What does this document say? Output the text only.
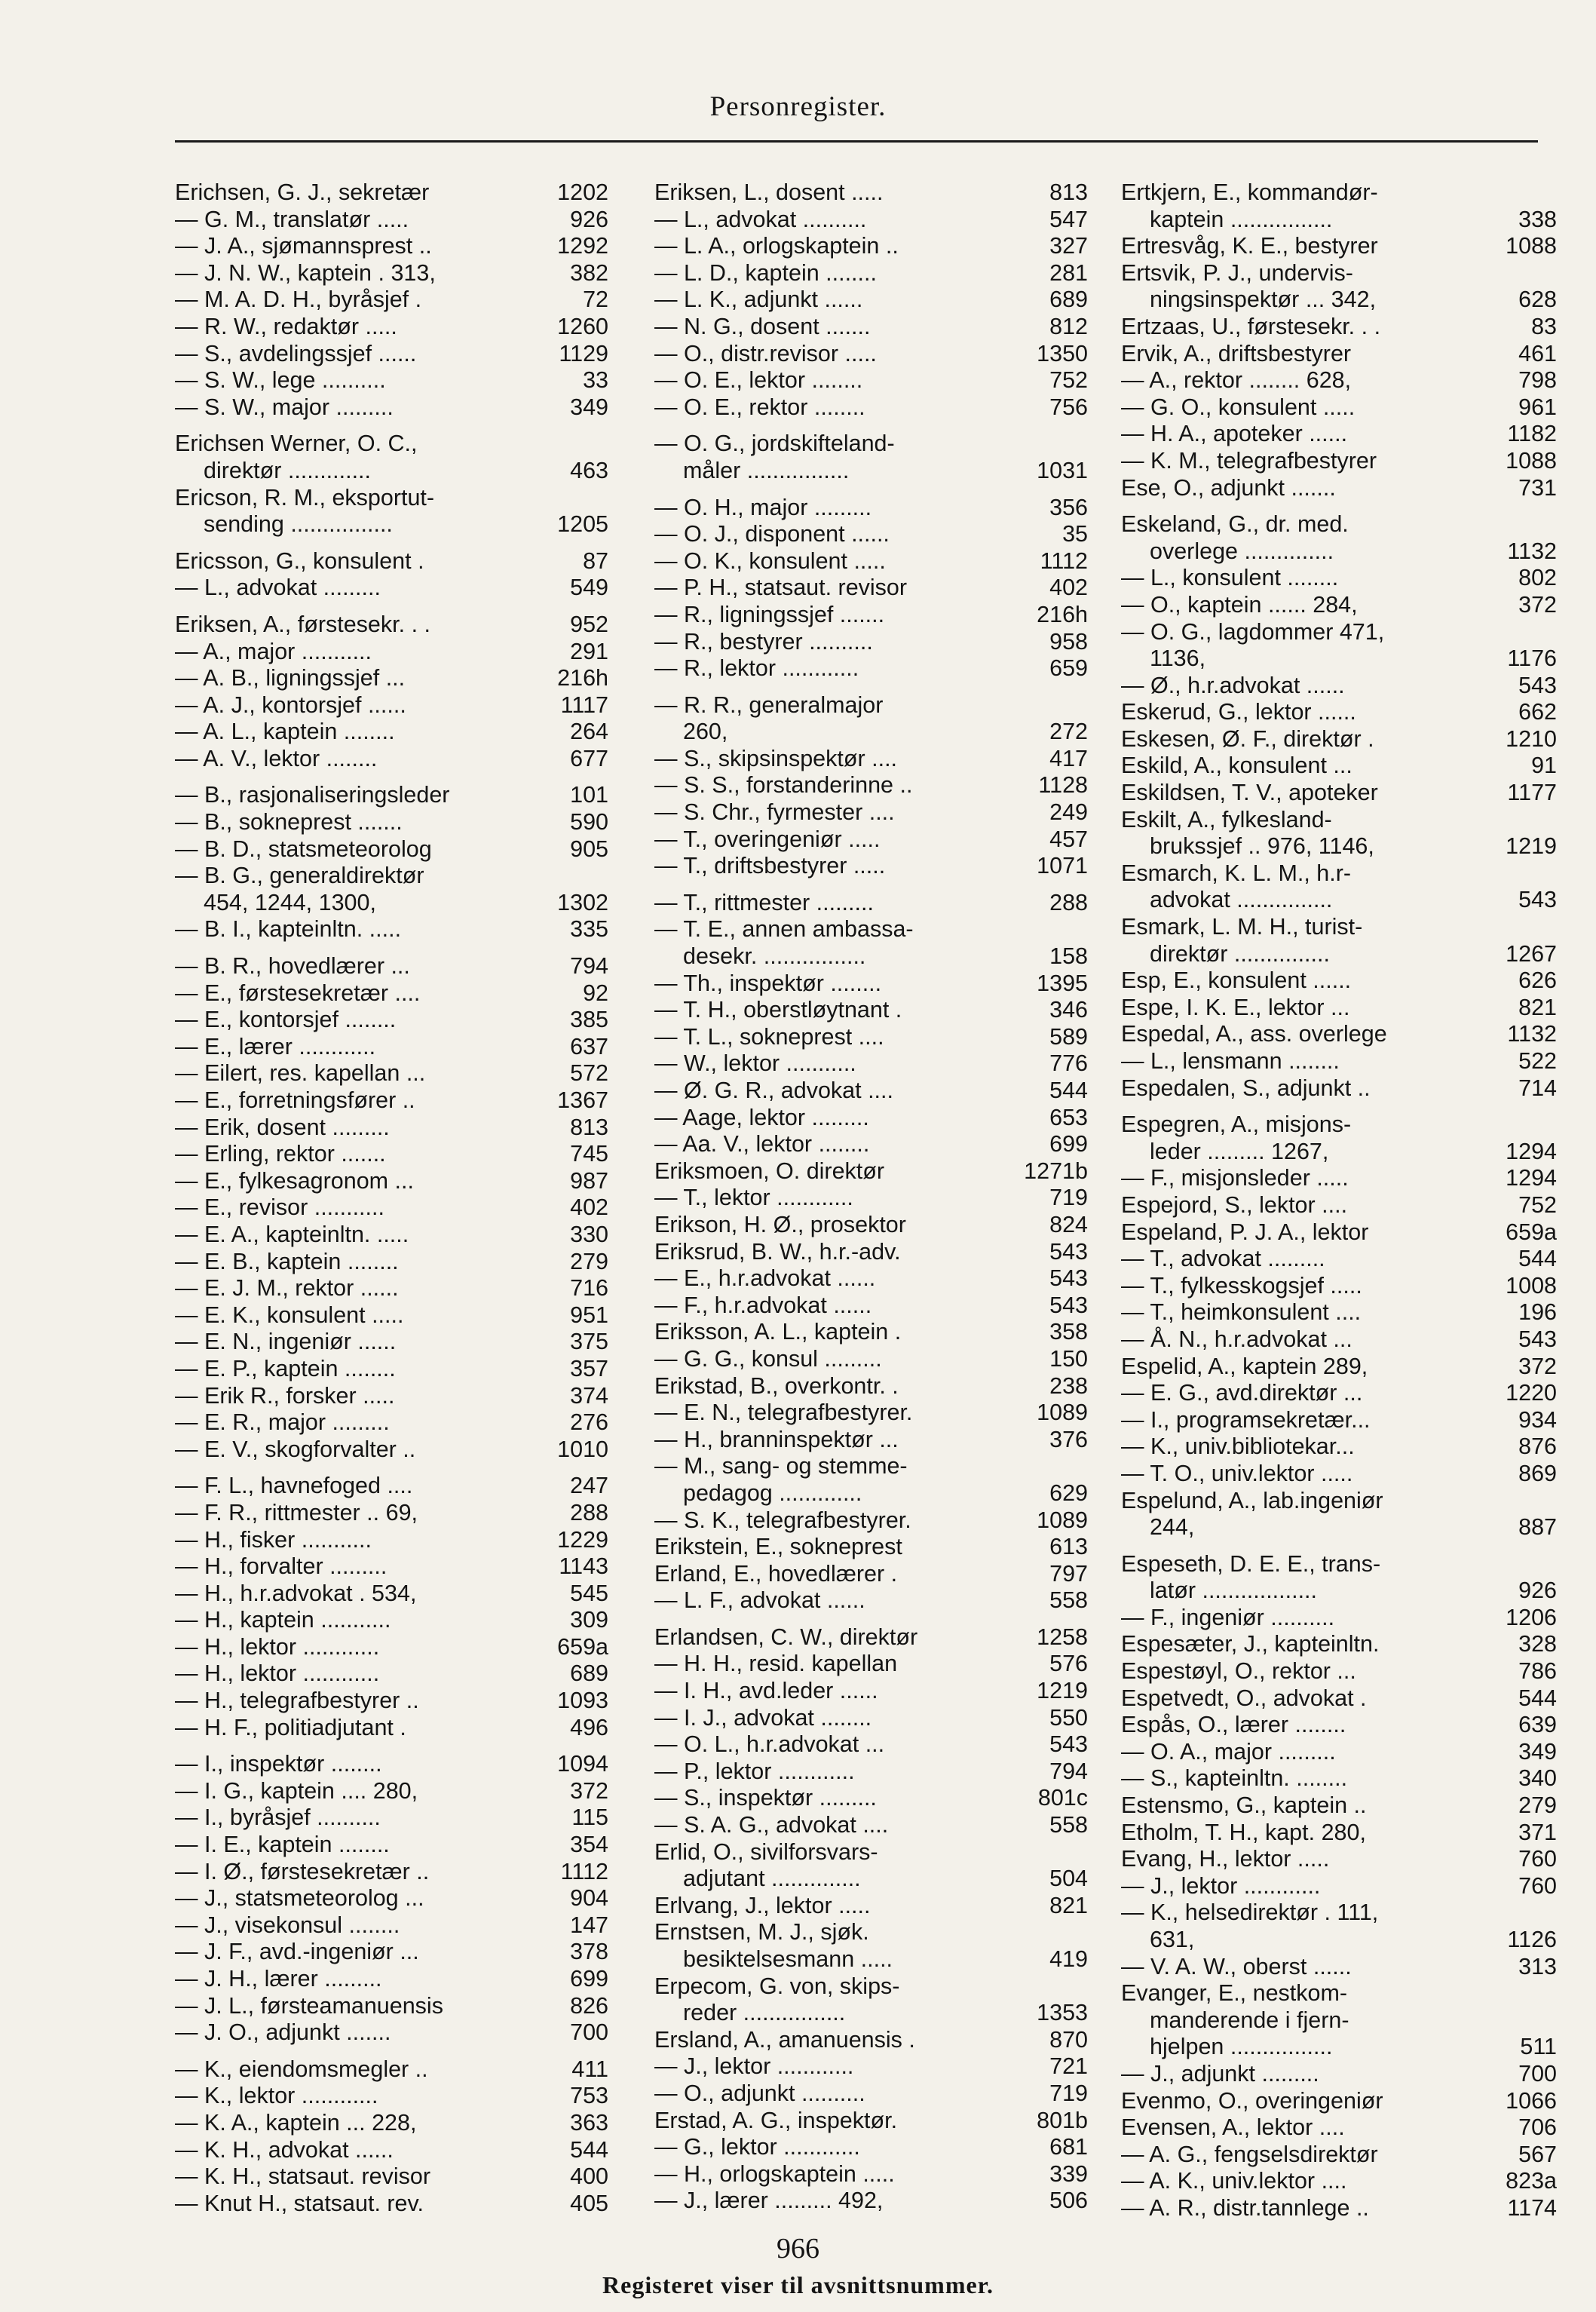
Personregister.
Erichsen, G. J., sekretær	1202
— G. M., translatør .....	926
— J. A., sjømannsprest ..	1292
— J. N. W., kaptein . 313,	382
— M. A. D. H., byråsjef .	72
— R. W., redaktør .....	1260
— S., avdelingssjef ......	1129
— S. W., lege ..........	33
— S. W., major .........	349
Erichsen Werner, O. C.,
direktør .............	463
Ericson, R. M., eksportut-
sending ................	1205
Ericsson, G., konsulent .	87
— L., advokat .........	549
Eriksen, A., førstesekr. . .	952
— A., major ...........	291
— A. B., ligningssjef ...	216h
— A. J., kontorsjef ......	1117
— A. L., kaptein ........	264
— A. V., lektor ........	677
— B., rasjonaliseringsleder	101
— B., sokneprest .......	590
— B. D., statsmeteorolog	905
— B. G., generaldirektør
454, 1244, 1300,	1302
— B. I., kapteinltn. .....	335
— B. R., hovedlærer ...	794
— E., førstesekretær ....	92
— E., kontorsjef ........	385
— E., lærer ............	637
— Eilert, res. kapellan ...	572
— E., forretningsfører ..	1367
— Erik, dosent .........	813
— Erling, rektor .......	745
— E., fylkesagronom ...	987
— E., revisor ...........	402
— E. A., kapteinltn. .....	330
— E. B., kaptein ........	279
— E. J. M., rektor ......	716
— E. K., konsulent .....	951
— E. N., ingeniør ......	375
— E. P., kaptein ........	357
— Erik R., forsker .....	374
— E. R., major .........	276
— E. V., skogforvalter ..	1010
— F. L., havnefoged ....	247
— F. R., rittmester .. 69,	288
— H., fisker ...........	1229
— H., forvalter .........	1143
— H., h.r.advokat . 534,	545
— H., kaptein ...........	309
— H., lektor ............	659a
— H., lektor ............	689
— H., telegrafbestyrer ..	1093
— H. F., politiadjutant .	496
— I., inspektør ........	1094
— I. G., kaptein .... 280,	372
— I., byråsjef ..........	115
— I. E., kaptein ........	354
— I. Ø., førstesekretær ..	1112
— J., statsmeteorolog ...	904
— J., visekonsul ........	147
— J. F., avd.-ingeniør ...	378
— J. H., lærer .........	699
— J. L., førsteamanuensis	826
— J. O., adjunkt .......	700
— K., eiendomsmegler ..	411
— K., lektor ............	753
— K. A., kaptein ... 228,	363
— K. H., advokat ......	544
— K. H., statsaut. revisor	400
— Knut H., statsaut. rev.	405
Eriksen, L., dosent .....	813
— L., advokat ..........	547
— L. A., orlogskaptein ..	327
— L. D., kaptein ........	281
— L. K., adjunkt ......	689
— N. G., dosent .......	812
— O., distr.revisor .....	1350
— O. E., lektor ........	752
— O. E., rektor ........	756
— O. G., jordskifteland-
måler ................	1031
— O. H., major .........	356
— O. J., disponent ......	35
— O. K., konsulent .....	1112
— P. H., statsaut. revisor	402
— R., ligningssjef .......	216h
— R., bestyrer ..........	958
— R., lektor ............	659
— R. R., generalmajor
260,	272
— S., skipsinspektør ....	417
— S. S., forstanderinne ..	1128
— S. Chr., fyrmester ....	249
— T., overingeniør .....	457
— T., driftsbestyrer .....	1071
— T., rittmester .........	288
— T. E., annen ambassa-
desekr. ................	158
— Th., inspektør ........	1395
— T. H., oberstløytnant .	346
— T. L., sokneprest ....	589
— W., lektor ...........	776
— Ø. G. R., advokat ....	544
— Aage, lektor .........	653
— Aa. V., lektor ........	699
Eriksmoen, O. direktør	1271b
— T., lektor ............	719
Erikson, H. Ø., prosektor	824
Eriksrud, B. W., h.r.-adv.	543
— E., h.r.advokat ......	543
— F., h.r.advokat ......	543
Eriksson, A. L., kaptein .	358
— G. G., konsul .........	150
Erikstad, B., overkontr. .	238
— E. N., telegrafbestyrer.	1089
— H., branninspektør ...	376
— M., sang- og stemme-
pedagog .............	629
— S. K., telegrafbestyrer.	1089
Erikstein, E., sokneprest	613
Erland, E., hovedlærer .	797
— L. F., advokat ......	558
Erlandsen, C. W., direktør	1258
— H. H., resid. kapellan	576
— I. H., avd.leder ......	1219
— I. J., advokat ........	550
— O. L., h.r.advokat ...	543
— P., lektor ............	794
— S., inspektør .........	801c
— S. A. G., advokat ....	558
Erlid, O., sivilforsvars-
adjutant ..............	504
Erlvang, J., lektor .....	821
Ernstsen, M. J., sjøk.
besiktelsesmann .....	419
Erpecom, G. von, skips-
reder ................	1353
Ersland, A., amanuensis .	870
— J., lektor ............	721
— O., adjunkt ..........	719
Erstad, A. G., inspektør.	801b
— G., lektor ............	681
— H., orlogskaptein .....	339
— J., lærer ......... 492,	506
Ertkjern, E., kommandør-
kaptein ................	338
Ertresvåg, K. E., bestyrer	1088
Ertsvik, P. J., undervis-
ningsinspektør ... 342,	628
Ertzaas, U., førstesekr. . .	83
Ervik, A., driftsbestyrer	461
— A., rektor ........ 628,	798
— G. O., konsulent .....	961
— H. A., apoteker ......	1182
— K. M., telegrafbestyrer	1088
Ese, O., adjunkt .......	731
Eskeland, G., dr. med.
overlege ..............	1132
— L., konsulent ........	802
— O., kaptein ...... 284,	372
— O. G., lagdommer 471,
1136,	1176
— Ø., h.r.advokat ......	543
Eskerud, G., lektor ......	662
Eskesen, Ø. F., direktør .	1210
Eskild, A., konsulent ...	91
Eskildsen, T. V., apoteker	1177
Eskilt, A., fylkesland-
brukssjef .. 976, 1146,	1219
Esmarch, K. L. M., h.r-
advokat ...............	543
Esmark, L. M. H., turist-
direktør ...............	1267
Esp, E., konsulent ......	626
Espe, I. K. E., lektor ...	821
Espedal, A., ass. overlege	1132
— L., lensmann ........	522
Espedalen, S., adjunkt ..	714
Espegren, A., misjons-
leder ......... 1267,	1294
— F., misjonsleder .....	1294
Espejord, S., lektor ....	752
Espeland, P. J. A., lektor	659a
— T., advokat .........	544
— T., fylkesskogsjef .....	1008
— T., heimkonsulent ....	196
— Å. N., h.r.advokat ...	543
Espelid, A., kaptein 289,	372
— E. G., avd.direktør ...	1220
— I., programsekretær...	934
— K., univ.bibliotekar...	876
— T. O., univ.lektor .....	869
Espelund, A., lab.ingeniør
244,	887
Espeseth, D. E. E., trans-
latør ..................	926
— F., ingeniør ..........	1206
Espesæter, J., kapteinltn.	328
Espestøyl, O., rektor ...	786
Espetvedt, O., advokat .	544
Espås, O., lærer ........	639
— O. A., major .........	349
— S., kapteinltn. ........	340
Estensmo, G., kaptein ..	279
Etholm, T. H., kapt. 280,	371
Evang, H., lektor .....	760
— J., lektor ............	760
— K., helsedirektør . 111,
631,	1126
— V. A. W., oberst ......	313
Evanger, E., nestkom-
manderende i fjern-
hjelpen ................	511
— J., adjunkt .........	700
Evenmo, O., overingeniør	1066
Evensen, A., lektor ....	706
— A. G., fengselsdirektør	567
— A. K., univ.lektor ....	823a
— A. R., distr.tannlege ..	1174
966
Registeret viser til avsnittsnummer.
